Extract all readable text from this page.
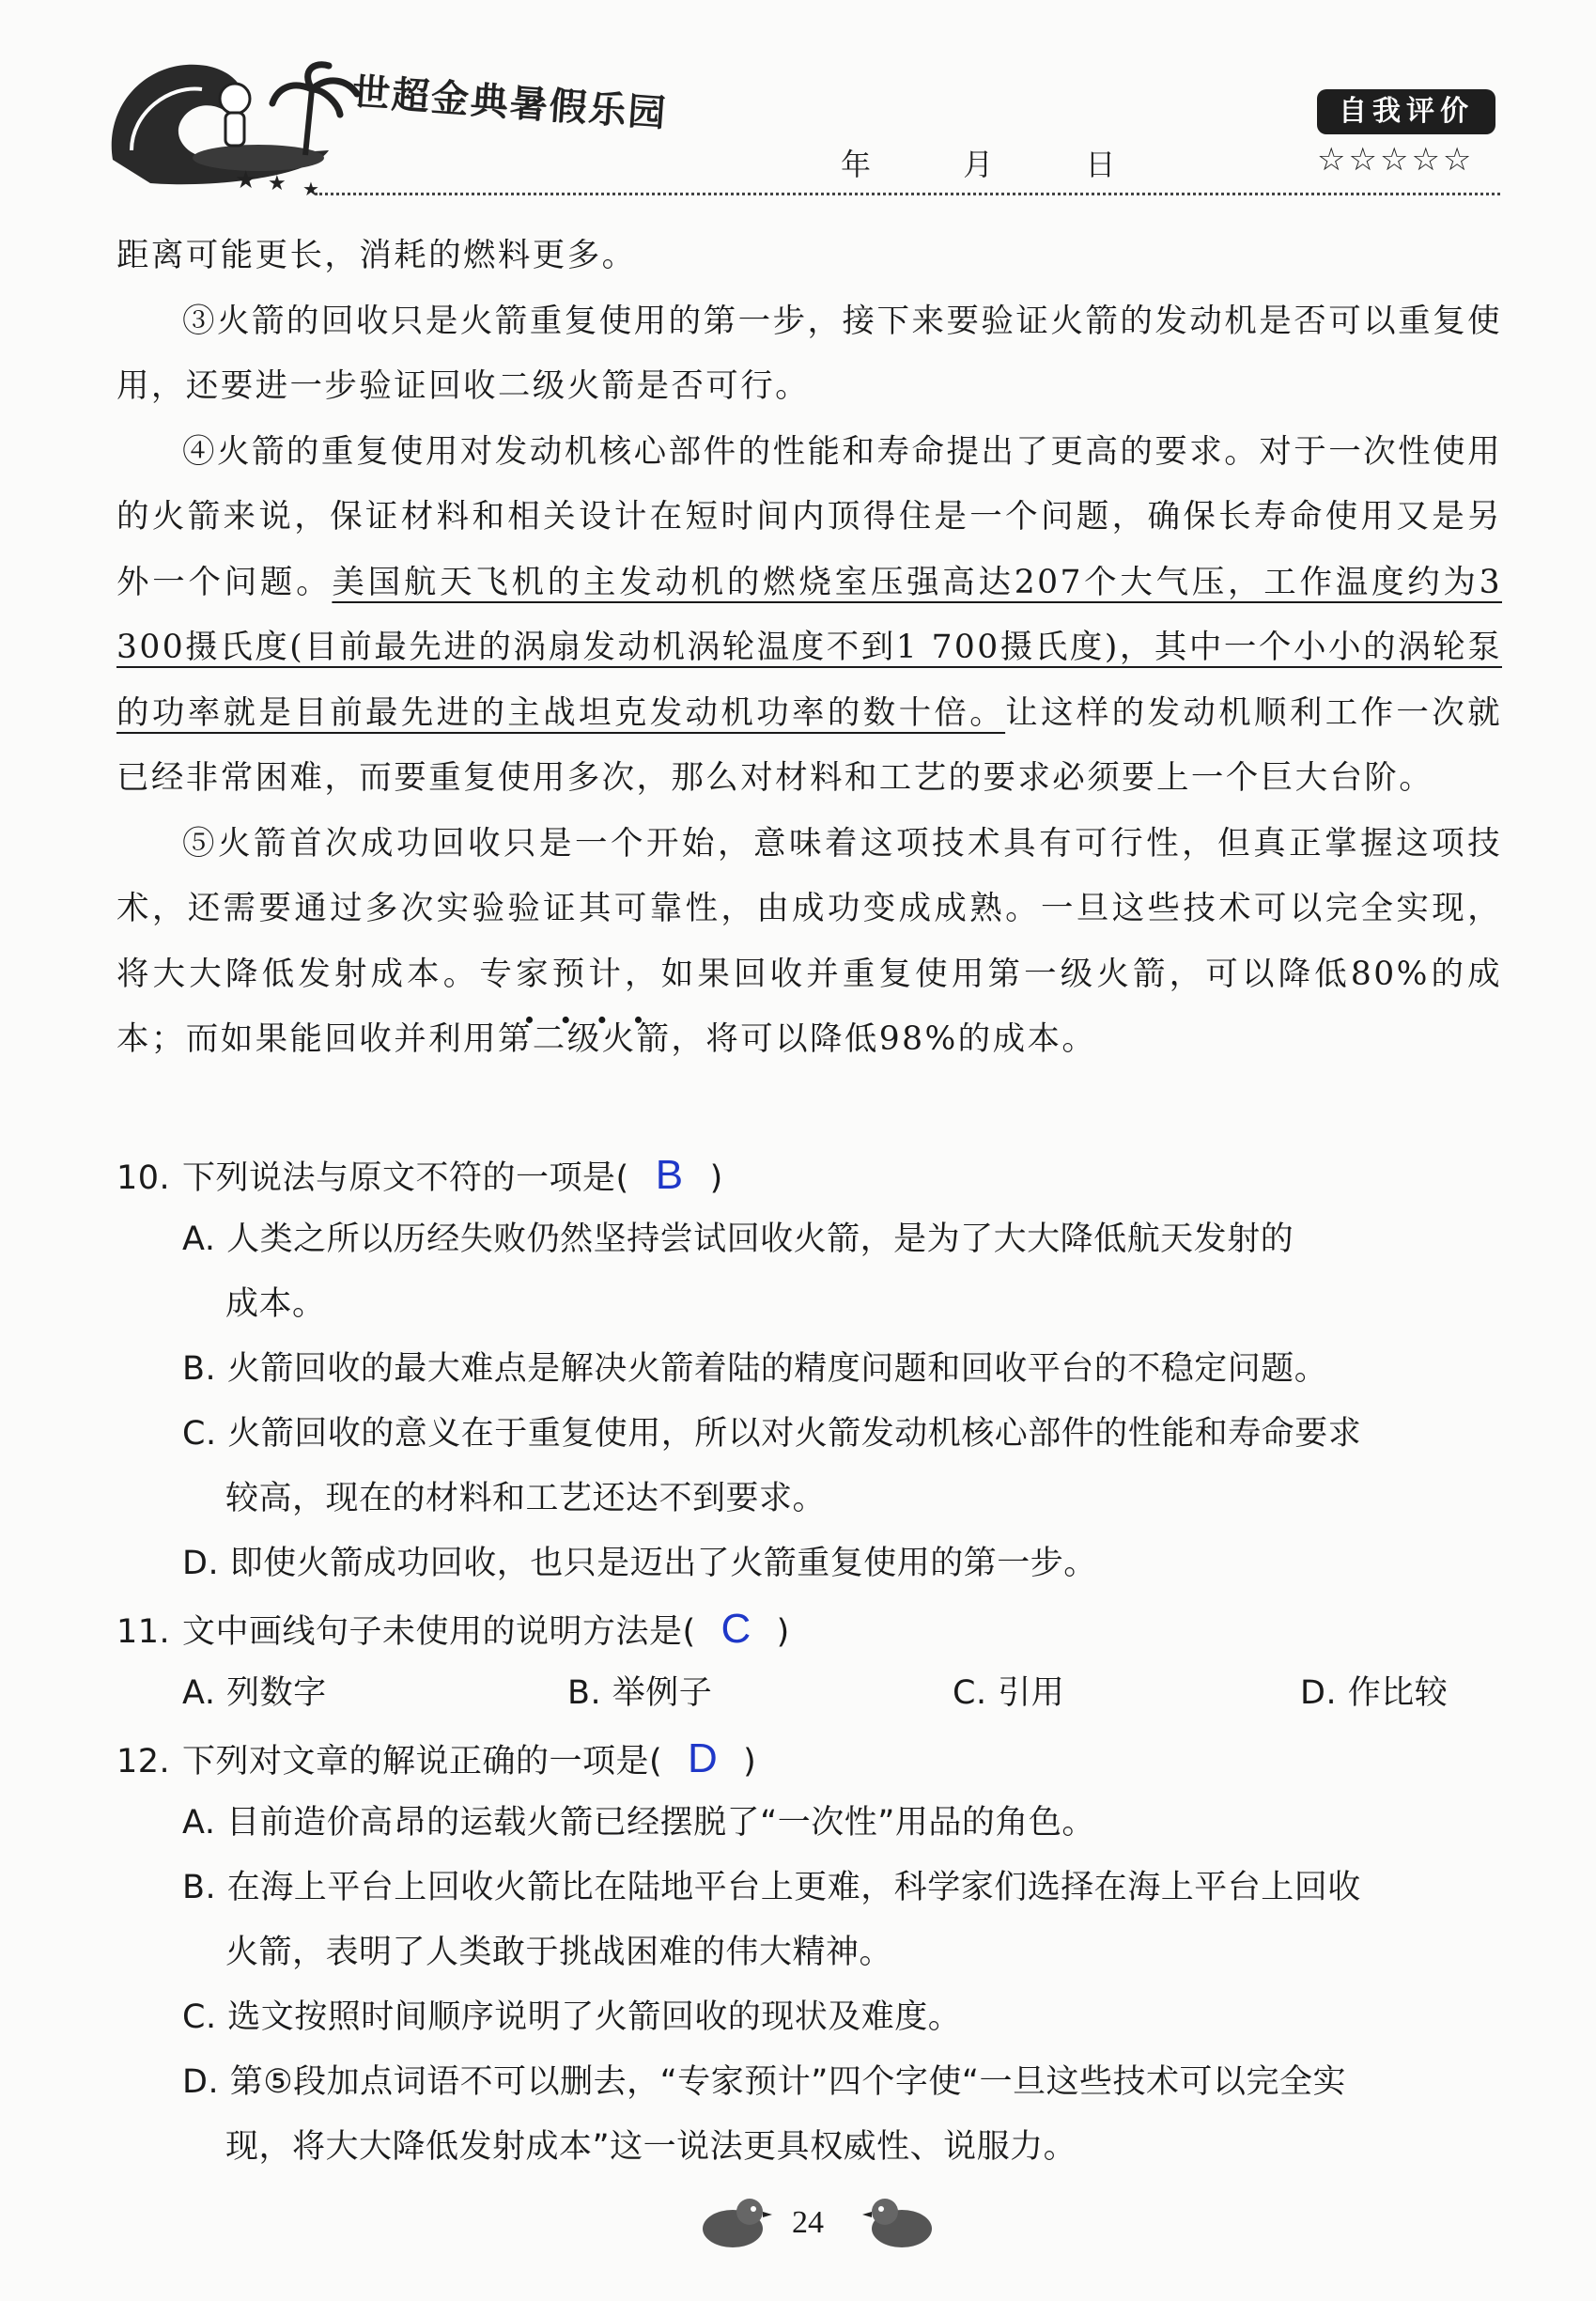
★ ★ ★
世超金典暑假乐园
年	月	日
自我评价
☆☆☆☆☆

距离可能更长，消耗的燃料更多。

③火箭的回收只是火箭重复使用的第一步，接下来要验证火箭的发动机是否可以重复使用，还要进一步验证回收二级火箭是否可行。

④火箭的重复使用对发动机核心部件的性能和寿命提出了更高的要求。对于一次性使用的火箭来说，保证材料和相关设计在短时间内顶得住是一个问题，确保长寿命使用又是另外一个问题。美国航天飞机的主发动机的燃烧室压强高达207个大气压，工作温度约为3 300摄氏度(目前最先进的涡扇发动机涡轮温度不到1 700摄氏度)，其中一个小小的涡轮泵的功率就是目前最先进的主战坦克发动机功率的数十倍。让这样的发动机顺利工作一次就已经非常困难，而要重复使用多次，那么对材料和工艺的要求必须要上一个巨大台阶。

⑤火箭首次成功回收只是一个开始，意味着这项技术具有可行性，但真正掌握这项技术，还需要通过多次实验验证其可靠性，由成功变成成熟。一旦这些技术可以完全实现，将大大降低发射成本。专家预计，如果回收并重复使用第一级火箭，可以降低80%的成本；而如果能回收并利用第二级火箭，将可以降低98%的成本。

10. 下列说法与原文不符的一项是( B )
A. 人类之所以历经失败仍然坚持尝试回收火箭，是为了大大降低航天发射的
成本。
B. 火箭回收的最大难点是解决火箭着陆的精度问题和回收平台的不稳定问题。
C. 火箭回收的意义在于重复使用，所以对火箭发动机核心部件的性能和寿命要求
较高，现在的材料和工艺还达不到要求。
D. 即使火箭成功回收，也只是迈出了火箭重复使用的第一步。
11. 文中画线句子未使用的说明方法是( C )
A. 列数字	B. 举例子	C. 引用	D. 作比较
12. 下列对文章的解说正确的一项是( D )
A. 目前造价高昂的运载火箭已经摆脱了“一次性”用品的角色。
B. 在海上平台上回收火箭比在陆地平台上更难，科学家们选择在海上平台上回收
火箭，表明了人类敢于挑战困难的伟大精神。
C. 选文按照时间顺序说明了火箭回收的现状及难度。
D. 第⑤段加点词语不可以删去，“专家预计”四个字使“一旦这些技术可以完全实
现，将大大降低发射成本”这一说法更具权威性、说服力。
24
